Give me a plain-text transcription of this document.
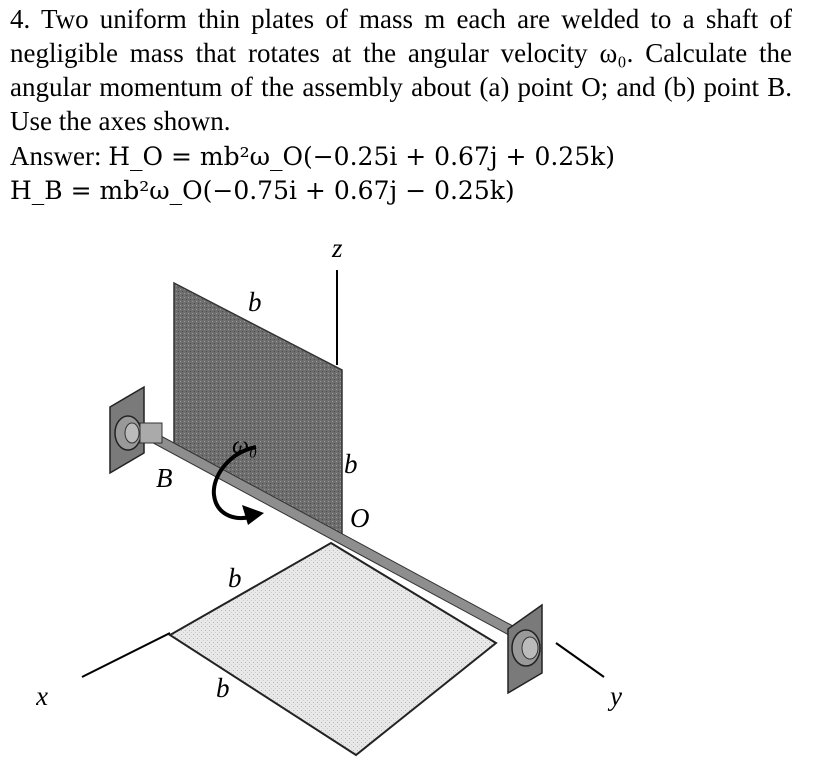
4. Two uniform thin plates of mass m each are welded to a shaft of negligible mass that rotates at the angular velocity ω₀. Calculate the angular momentum of the assembly about (a) point O; and (b) point B. Use the axes shown.

Answer: H_O = mb²ω_O(−0.25i + 0.67j + 0.25k)
H_B = mb²ω_O(−0.75i + 0.67j − 0.25k)
z
b
ω₀
b
B
O
b
b
x	y
